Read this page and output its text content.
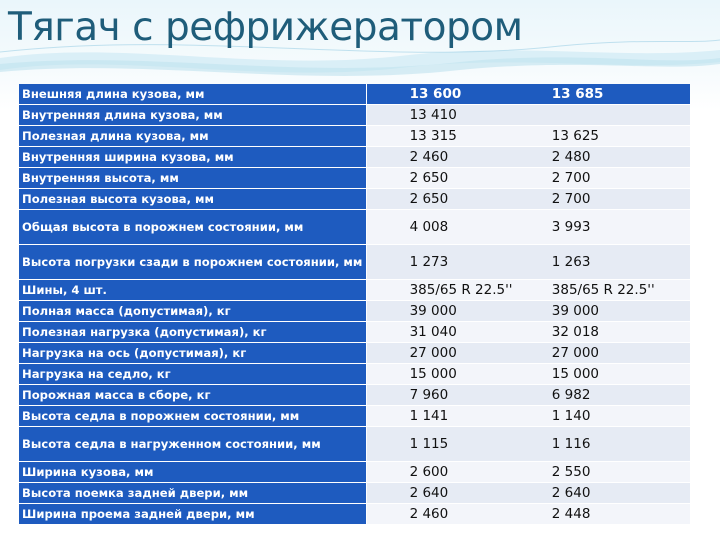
Тягач с рефрижератором
Внешняя длина кузова, мм		13 600	13 685
Внутренняя длина кузова, мм		13 410	
Полезная длина кузова, мм		13 315	13 625
Внутренняя ширина кузова, мм		2 460	2 480
Внутренняя высота, мм		2 650	2 700
Полезная высота кузова, мм		2 650	2 700
Общая высота в порожнем состоянии, мм		4 008	3 993
Высота погрузки сзади в порожнем состоянии, мм		1 273	1 263
Шины, 4 шт.		385/65 R 22.5''	385/65 R 22.5''
Полная масса (допустимая), кг		39 000	39 000
Полезная нагрузка (допустимая), кг		31 040	32 018
Нагрузка на ось (допустимая), кг		27 000	27 000
Нагрузка на седло, кг		15 000	15 000
Порожная масса в сборе, кг		7 960	6 982
Высота седла в порожнем состоянии, мм		1 141	1 140
Высота седла в нагруженном состоянии, мм		1 115	1 116
Ширина кузова, мм		2 600	2 550
Высота поемка задней двери, мм		2 640	2 640
Ширина проема задней двери, мм		2 460	2 448
